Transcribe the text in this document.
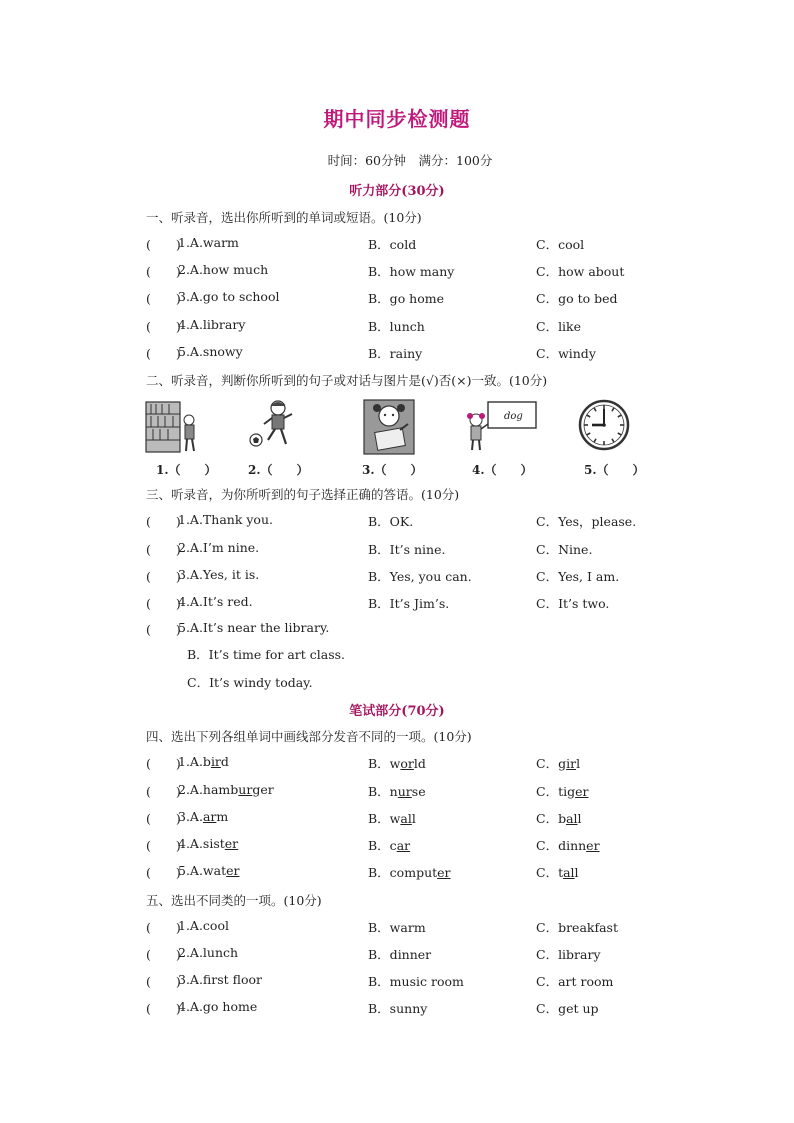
期中同步检测题
时间：60分钟　满分：100分
听力部分(30分)
一、听录音，选出你所听到的单词或短语。(10分)
(　　)
1.A.warm	B．cold	C．cool
(　　)
2.A.how much	B．how many	C．how about
(　　)
3.A.go to school	B．go home	C．go to bed
(　　)
4.A.library	B．lunch	C．like
(　　)
5.A.snowy	B．rainy	C．windy
二、听录音，判断你所听到的句子或对话与图片是(√)否(×)一致。(10分)
dog
1.（　　）	2.（　　）	3.（　　）	4.（　　）	5.（　　）
三、听录音，为你所听到的句子选择正确的答语。(10分)
(　　)
1.A.Thank you.	B．OK.	C．Yes，please.
(　　)
2.A.I’m nine.	B．It’s nine.	C．Nine.
(　　)
3.A.Yes, it is.	B．Yes, you can.	C．Yes, I am.
(　　)
4.A.It’s red.	B．It’s Jim’s.	C．It’s two.
(　　)
5.A.It’s near the library.
B．It’s time for art class.
C．It’s windy today.
笔试部分(70分)
四、选出下列各组单词中画线部分发音不同的一项。(10分)
(　　)
1.A.bird	B．world	C．girl
(　　)
2.A.hamburger	B．nurse	C．tiger
(　　)
3.A.arm	B．wall	C．ball
(　　)
4.A.sister	B．car	C．dinner
(　　)
5.A.water	B．computer	C．tall
五、选出不同类的一项。(10分)
(　　)
1.A.cool	B．warm	C．breakfast
(　　)
2.A.lunch	B．dinner	C．library
(　　)
3.A.first floor	B．music room	C．art room
(　　)
4.A.go home	B．sunny	C．get up
